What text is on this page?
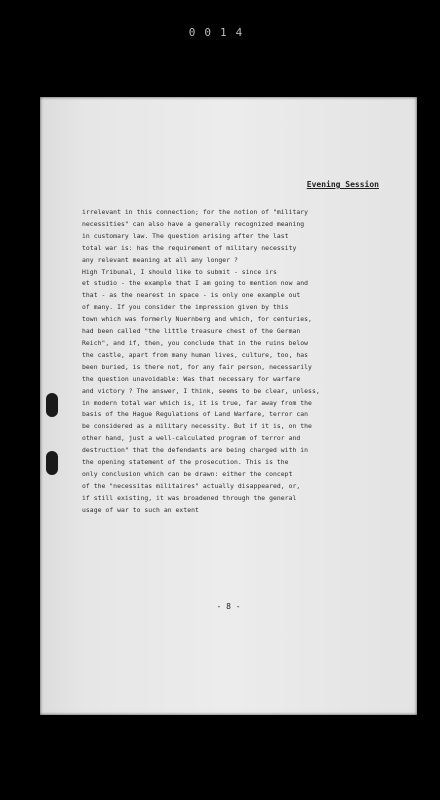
0014
Evening Session
irrelevant in this connection; for the notion of "military
necessities" can also have a generally recognized meaning
in customary law. The question arising after the last
total war is: has the requirement of military necessity
any relevant meaning at all any longer ?
High Tribunal, I should like to submit - since irs
et studio - the example that I am going to mention now and
that - as the nearest in space - is only one example out
of many. If you consider the impression given by this
town which was formerly Nuernberg and which, for centuries,
had been called "the little treasure chest of the German
Reich", and if, then, you conclude that in the ruins below
the castle, apart from many human lives, culture, too, has
been buried, is there not, for any fair person, necessarily
the question unavoidable: Was that necessary for warfare
and victory ? The answer, I think, seems to be clear, unless,
in modern total war which is, it is true, far away from the
basis of the Hague Regulations of Land Warfare, terror can
be considered as a military necessity. But if it is, on the
other hand, just a well-calculated program of terror and
destruction" that the defendants are being charged with in
the opening statement of the prosecution. This is the
only conclusion which can be drawn: either the concept
of the "necessitas militaires" actually disappeared, or,
if still existing, it was broadened through the general
usage of war to such an extent
- 8 -
